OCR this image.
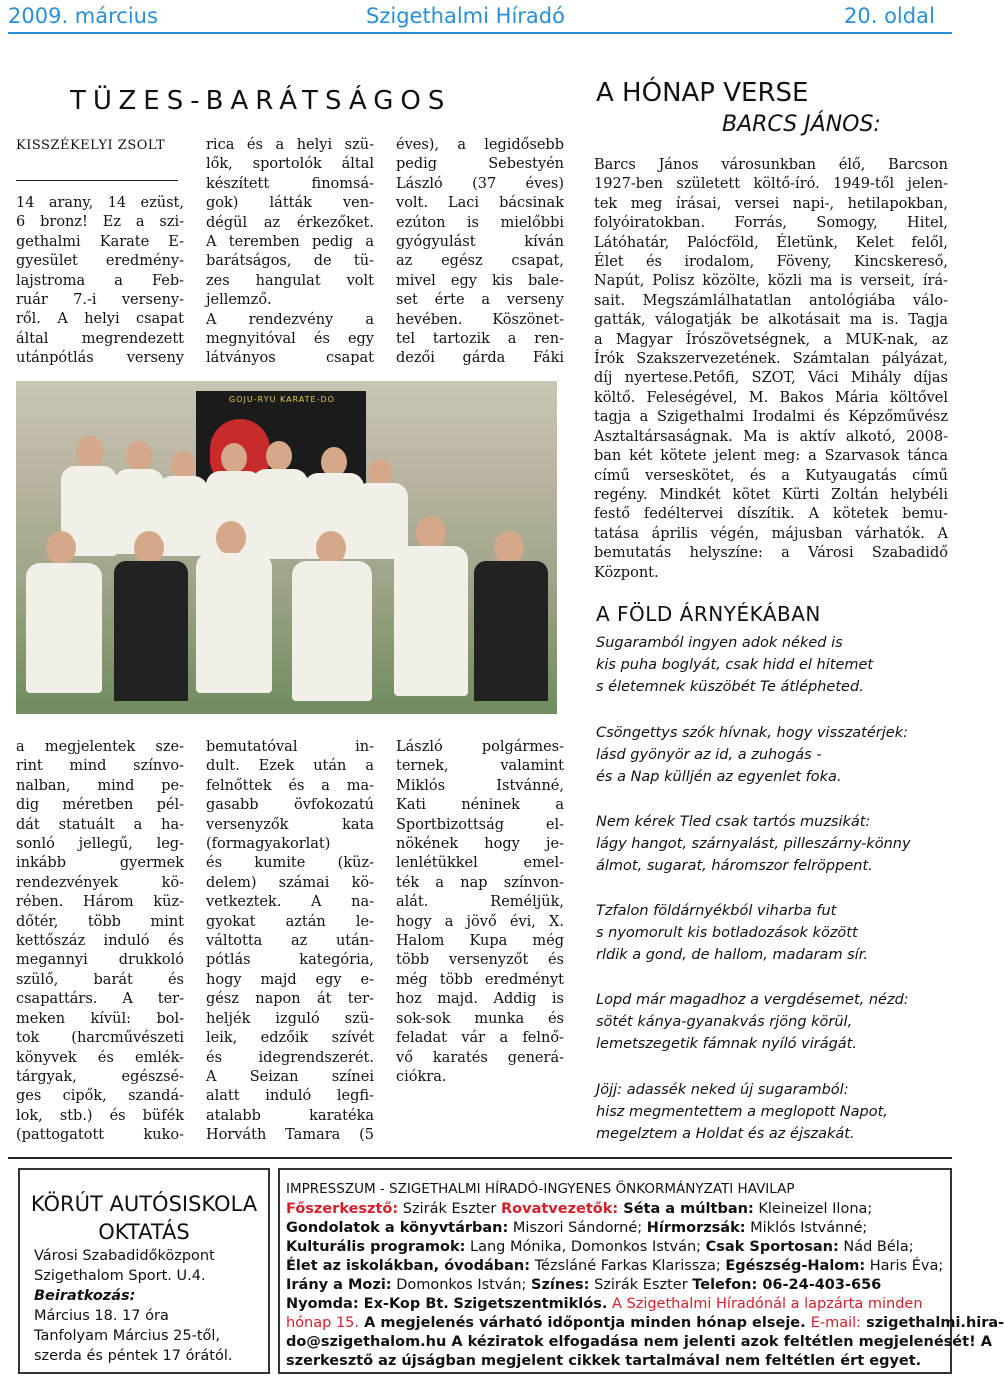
2009. március	Szigethalmi Híradó	20. oldal
TÜZES-BARÁTSÁGOS
KISSZÉKELYI ZSOLT
14 arany, 14 ezüst,
6 bronz! Ez a szi-
gethalmi Karate E-
gyesület eredmény-
lajstroma a Feb-
ruár 7.-i verseny-
ről. A helyi csapat
által megrendezett
utánpótlás verseny
rica és a helyi szü-
lők, sportolók által
készített finomsá-
gok) látták ven-
dégül az érkezőket.
A teremben pedig a
barátságos, de tü-
zes hangulat volt
jellemző.
A rendezvény a
megnyitóval és egy
látványos csapat
éves), a legidősebb
pedig Sebestyén
László (37 éves)
volt. Laci bácsinak
ezúton is mielőbbi
gyógyulást kíván
az egész csapat,
mivel egy kis bale-
set érte a verseny
hevében. Köszönet-
tel tartozik a ren-
dezői gárda Fáki
GOJU-RYU KARATE-DO
a megjelentek sze-
rint mind színvo-
nalban, mind pe-
dig méretben pél-
dát statuált a ha-
sonló jellegű, leg-
inkább gyermek
rendezvények kö-
rében. Három küz-
dőtér, több mint
kettőszáz induló és
megannyi drukkoló
szülő, barát és
csapattárs. A ter-
meken kívül: bol-
tok (harcművészeti
könyvek és emlék-
tárgyak, egészsé-
ges cipők, szandá-
lok, stb.) és büfék
(pattogatott kuko-
bemutatóval in-
dult. Ezek után a
felnőttek és a ma-
gasabb övfokozatú
versenyzők kata
(formagyakorlat)
és kumite (küz-
delem) számai kö-
vetkeztek. A na-
gyokat aztán le-
váltotta az után-
pótlás kategória,
hogy majd egy e-
gész napon át ter-
heljék izguló szü-
leik, edzőik szívét
és idegrendszerét.
A Seizan színei
alatt induló legfi-
atalabb karatéka
Horváth Tamara (5
László polgármes-
ternek, valamint
Miklós Istvánné,
Kati néninek a
Sportbizottság el-
nökének hogy je-
lenlétükkel emel-
ték a nap színvon-
alát. Reméljük,
hogy a jövő évi, X.
Halom Kupa még
több versenyzőt és
még több eredményt
hoz majd. Addig is
sok-sok munka és
feladat vár a felnő-
vő karatés generá-
ciókra.
A HÓNAP VERSE
BARCS JÁNOS:
Barcs János városunkban élő, Barcson
1927-ben született költő-író. 1949-től jelen-
tek meg írásai, versei napi-, hetilapokban,
folyóiratokban. Forrás, Somogy, Hitel,
Látóhatár, Palócföld, Életünk, Kelet felől,
Élet és irodalom, Föveny, Kincskereső,
Napút, Polisz közölte, közli ma is verseit, írá-
sait. Megszámlálhatatlan antológiába válo-
gatták, válogatják be alkotásait ma is. Tagja
a Magyar Írószövetségnek, a MUK-nak, az
Írók Szakszervezetének. Számtalan pályázat,
díj nyertese.Petőfi, SZOT, Váci Mihály díjas
költő. Feleségével, M. Bakos Mária költővel
tagja a Szigethalmi Irodalmi és Képzőművész
Asztaltársaságnak. Ma is aktív alkotó, 2008-
ban két kötete jelent meg: a Szarvasok tánca
című verseskötet, és a Kutyaugatás című
regény. Mindkét kötet Kürti Zoltán helybéli
festő fedéltervei díszítik. A kötetek bemu-
tatása április végén, májusban várhatók. A
bemutatás helyszíne: a Városi Szabadidő
Központ.
A FÖLD ÁRNYÉKÁBAN
Sugaramból ingyen adok néked is
kis puha boglyát, csak hidd el hitemet
s életemnek küszöbét Te átlépheted.
Csöngettys szók hívnak, hogy visszatérjek:
lásd gyönyör az id, a zuhogás -
és a Nap külljén az egyenlet foka.
Nem kérek Tled csak tartós muzsikát:
lágy hangot, szárnyalást, pilleszárny-könny
álmot, sugarat, háromszor felröppent.
Tzfalon földárnyékból viharba fut
s nyomorult kis botladozások között
rldik a gond, de hallom, madaram sír.
Lopd már magadhoz a vergdésemet, nézd:
sötét kánya-gyanakvás rjöng körül,
lemetszegetik fámnak nyíló virágát.
Jöjj: adassék neked új sugaramból:
hisz megmentettem a meglopott Napot,
megelztem a Holdat és az éjszakát.
KÖRÚT AUTÓSISKOLA
OKTATÁS
Városi Szabadidőközpont
Szigethalom Sport. U.4.
Beiratkozás:
Március 18. 17 óra
Tanfolyam Március 25-től,
szerda és péntek 17 órától.
IMPRESSZUM - SZIGETHALMI HÍRADÓ-INGYENES ÖNKORMÁNYZATI HAVILAP
Főszerkesztő: Szirák Eszter Rovatvezetők: Séta a múltban: Kleineizel Ilona;
Gondolatok a könyvtárban: Miszori Sándorné; Hírmorzsák: Miklós Istvánné;
Kulturális programok: Lang Mónika, Domonkos István; Csak Sportosan: Nád Béla;
Élet az iskolákban, óvodában: Tézsláné Farkas Klarissza; Egészség-Halom: Haris Éva;
Irány a Mozi: Domonkos István; Színes: Szirák Eszter Telefon: 06-24-403-656
Nyomda: Ex-Kop Bt. Szigetszentmiklós. A Szigethalmi Híradónál a lapzárta minden
hónap 15. A megjelenés várható időpontja minden hónap elseje. E-mail: szigethalmi.hira-
do@szigethalom.hu A kéziratok elfogadása nem jelenti azok feltétlen megjelenését! A
szerkesztő az újságban megjelent cikkek tartalmával nem feltétlen ért egyet.
